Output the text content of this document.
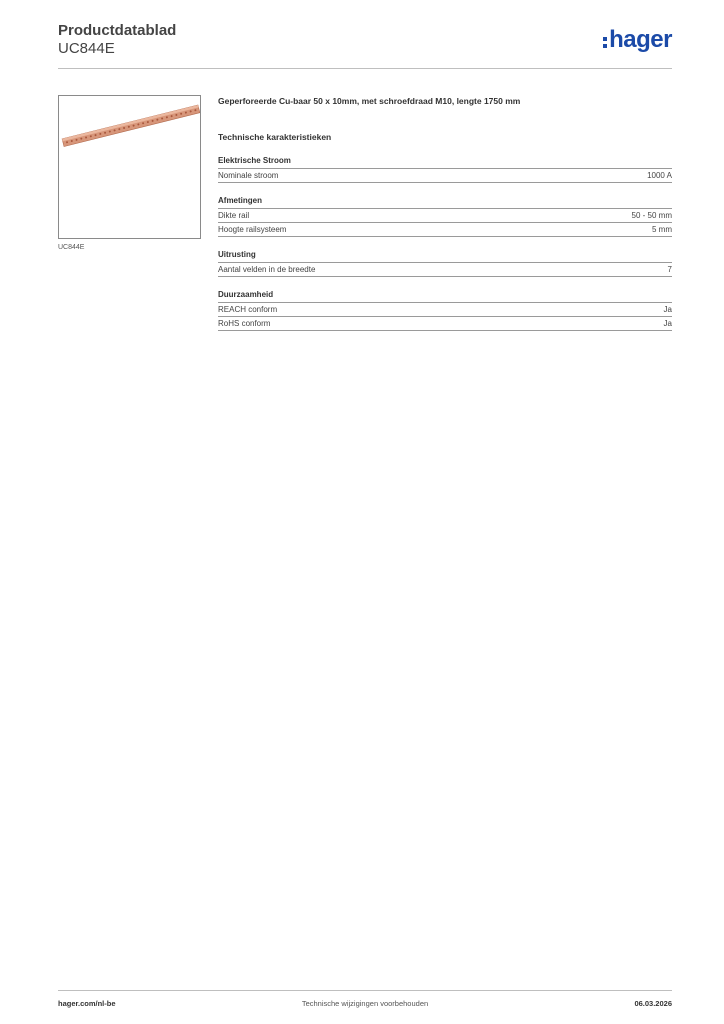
Productdatablad
UC844E	hager
UC844E
Geperforeerde Cu-baar 50 x 10mm, met schroefdraad M10, lengte 1750 mm
Technische karakteristieken
Elektrische Stroom
Nominale stroom	1000 A
Afmetingen
Dikte rail	50 - 50 mm
Hoogte railsysteem	5 mm
Uitrusting
Aantal velden in de breedte	7
Duurzaamheid
REACH conform	Ja
RoHS conform	Ja
hager.com/nl-be	Technische wijzigingen voorbehouden	06.03.2026
